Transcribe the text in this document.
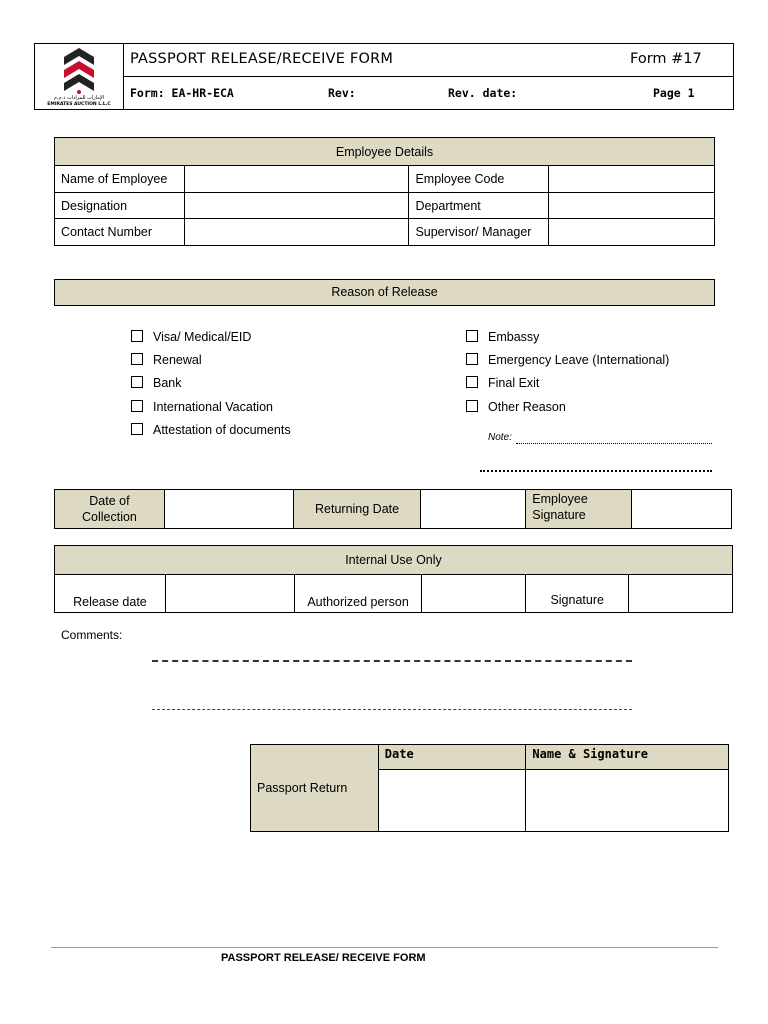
الإمارات للمزادات ذ.م.م
EMIRATES AUCTION L.L.C
PASSPORT RELEASE/RECEIVE FORM	Form #17
Form: EA-HR-ECA	Rev:	Rev. date:	Page 1
Employee Details			
Name of Employee		Employee Code	
Designation		Department	
Contact Number		Supervisor/ Manager	
Reason of Release
Visa/ Medical/EID
Renewal
Bank
International Vacation
Attestation of documents
Embassy
Emergency Leave (International)
Final Exit
Other Reason
Note:
Date of Collection		Returning Date		Employee Signature	
Internal Use Only
Release date		Authorized person		Signature	
Comments:
Passport Return	Date	Name & Signature

PASSPORT RELEASE/ RECEIVE FORM
